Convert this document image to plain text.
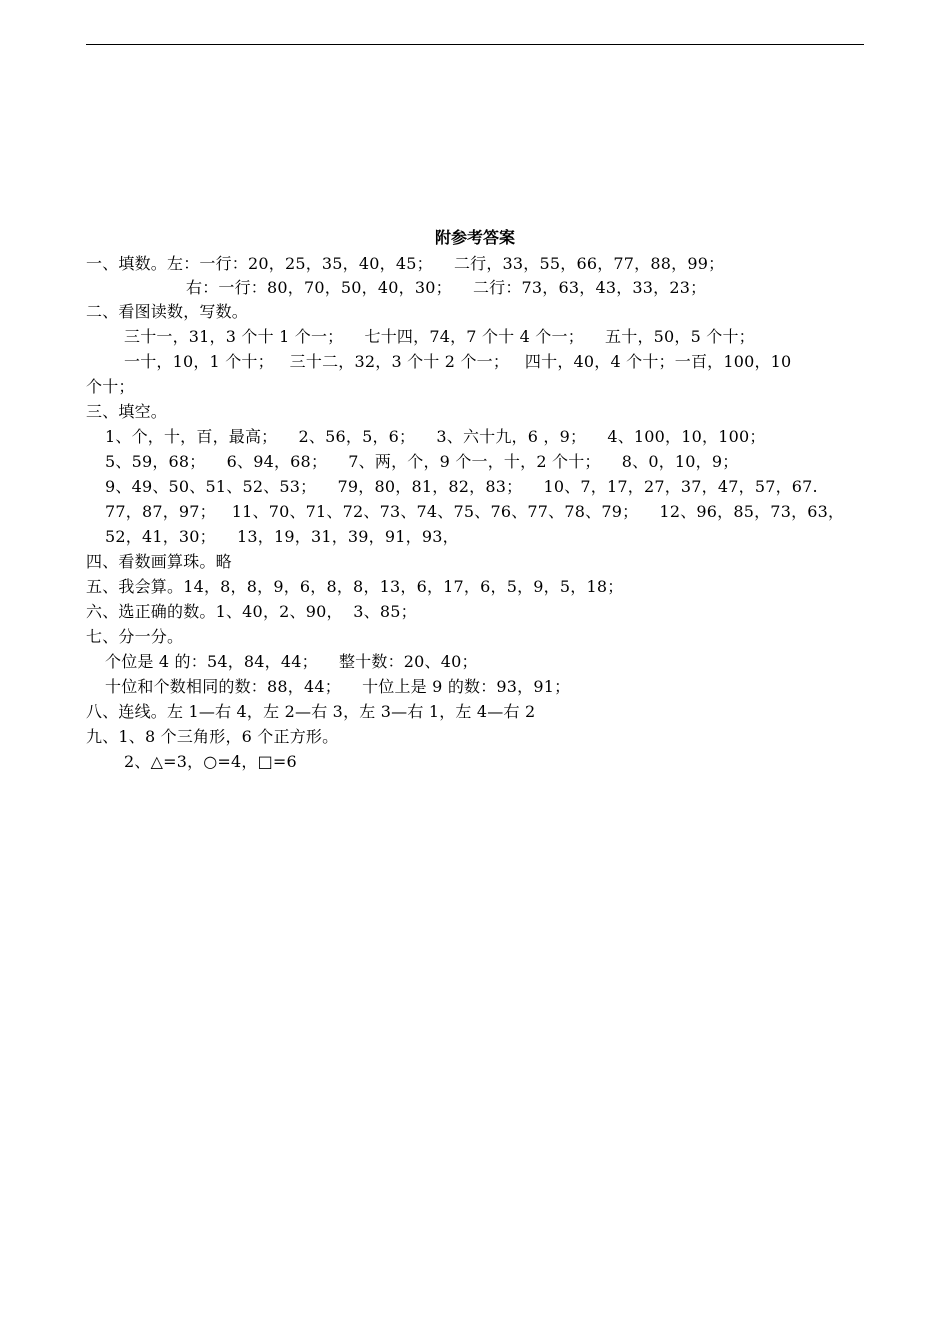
附参考答案
一、填数。左：一行：20，25，35，40，45；    二行，33，55，66，77，88，99；
右：一行：80，70，50，40，30；    二行：73，63，43，33，23；
二、看图读数，写数。
三十一，31，3 个十 1 个一；    七十四，74，7 个十 4 个一；    五十，50，5 个十；
一十，10，1 个十；   三十二，32，3 个十 2 个一；   四十，40，4 个十；一百，100，10
个十；
三、填空。
1、个，十，百，最高；    2、56，5，6；    3、六十九，6 ，9；    4、100，10，100；
5、59，68；    6、94，68；    7、两，个，9 个一，十，2 个十；    8、0，10，9；
9、49、50、51、52、53；    79，80，81，82，83；    10、7，17，27，37，47，57，67.
77，87，97；   11、70、71、72、73、74、75、76、77、78、79；    12、96，85，73，63，
52，41，30；    13，19，31，39，91，93，
四、看数画算珠。略
五、我会算。14，8，8，9，6，8，8，13，6，17，6，5，9，5，18；
六、选正确的数。1、40，2、90，  3、85；
七、分一分。
个位是 4 的：54，84，44；    整十数：20、40；
十位和个数相同的数：88，44；    十位上是 9 的数：93，91；
八、连线。左 1—右 4，左 2—右 3，左 3—右 1，左 4—右 2
九、1、8 个三角形，6 个正方形。
2、△=3，○=4，□=6
